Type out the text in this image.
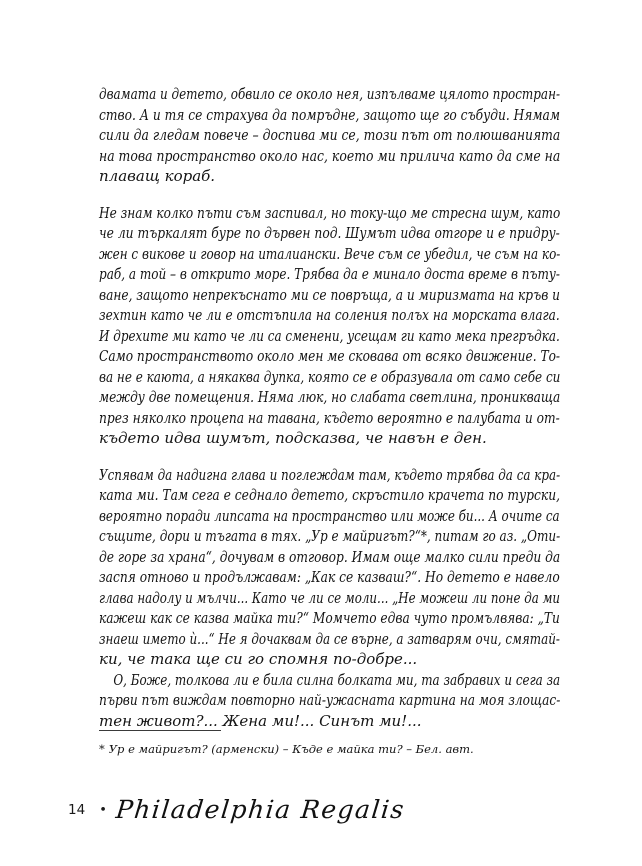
двамата и детето, обвило се около нея, изпълваме цялото простран-
ство. А и тя се страхува да помръдне, защото ще го събуди. Нямам
сили да гледам повече – доспива ми се, този път от полюшванията
на това пространство около нас, което ми прилича като да сме на
плаващ кораб.
Не знам колко пъти съм заспивал, но току-що ме стресна шум, като
че ли търкалят буре по дървен под. Шумът идва отгоре и е придру-
жен с викове и говор на италиански. Вече съм се убедил, че съм на ко-
раб, а той – в открито море. Трябва да е минало доста време в пъту-
ване, защото непрекъснато ми се повръща, а и миризмата на кръв и
зехтин като че ли е отстъпила на соления полъх на морската влага.
И дрехите ми като че ли са сменени, усещам ги като мека прегръдка.
Само пространството около мен ме сковава от всяко движение. То-
ва не е каюта, а някаква дупка, която се е образувала от само себе си
между две помещения. Няма люк, но слабата светлина, проникваща
през няколко процепа на тавана, където вероятно е палубата и от-
където идва шумът, подсказва, че навън е ден.
Успявам да надигна глава и поглеждам там, където трябва да са кра-
ката ми. Там сега е седнало детето, скръстило крачета по турски,
вероятно поради липсата на пространство или може би... А очите са
същите, дори и тъгата в тях. „Ур е майригът?“*, питам го аз. „Оти-
де горе за храна“, дочувам в отговор. Имам още малко сили преди да
заспя отново и продължавам: „Как се казваш?“. Но детето е навело
глава надолу и мълчи... Като че ли се моли... „Не можеш ли поне да ми
кажеш как се казва майка ти?“ Момчето едва чуто промълвява: „Ти
знаеш името ѝ...“ Не я дочаквам да се върне, а затварям очи, смятай-
ки, че така ще си го спомня по-добре...
О, Боже, толкова ли е била силна болката ми, та забравих и сега за
първи път виждам повторно най-ужасната картина на моя злощас-
тен живот?... Жена ми!... Синът ми!...
* Ур е майригът? (арменски) – Къде е майка ти? – Бел. авт.
14 • Philadelphia Regalis
